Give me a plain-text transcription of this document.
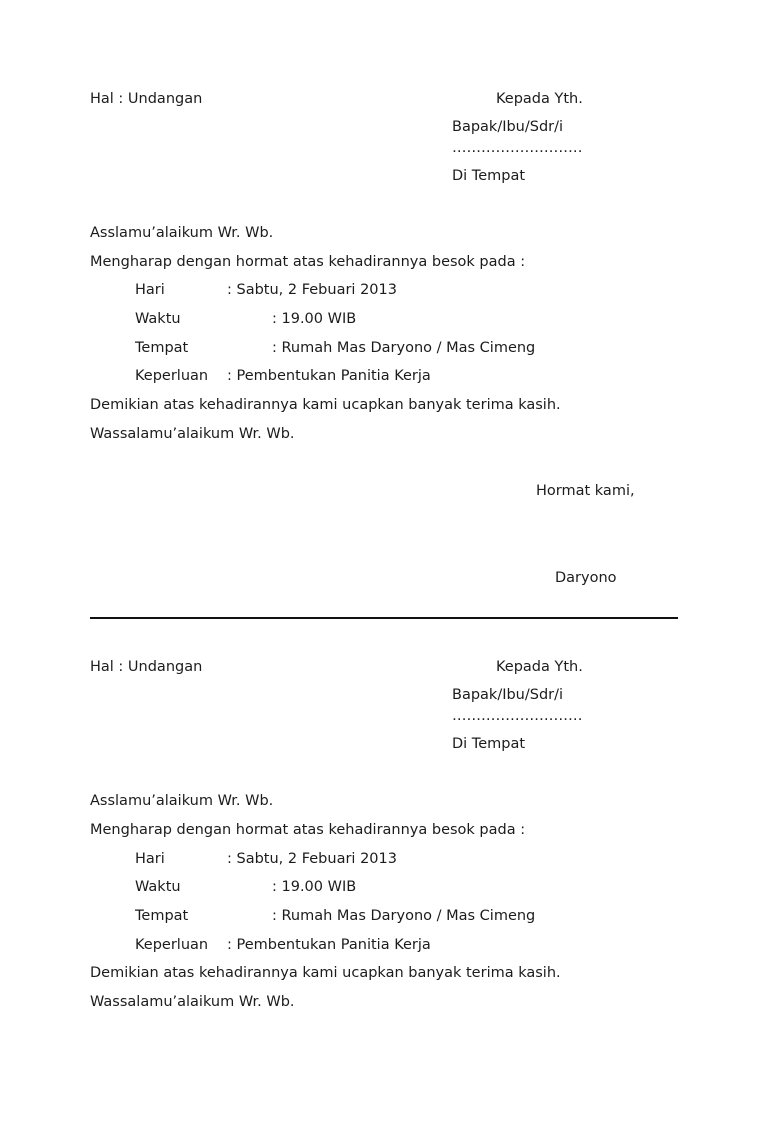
Hal : Undangan	Kepada Yth.
Bapak/Ibu/Sdr/i
………………………
Di Tempat
Asslamu’alaikum Wr. Wb.
Mengharap dengan hormat atas kehadirannya besok pada :
Hari	: Sabtu, 2 Febuari 2013
Waktu	: 19.00 WIB
Tempat	: Rumah Mas Daryono / Mas Cimeng
Keperluan : Pembentukan Panitia Kerja
Demikian atas kehadirannya kami ucapkan banyak terima kasih.
Wassalamu’alaikum Wr. Wb.
Hormat kami,
Daryono
Hal : Undangan	Kepada Yth.
Bapak/Ibu/Sdr/i
………………………
Di Tempat
Asslamu’alaikum Wr. Wb.
Mengharap dengan hormat atas kehadirannya besok pada :
Hari	: Sabtu, 2 Febuari 2013
Waktu	: 19.00 WIB
Tempat	: Rumah Mas Daryono / Mas Cimeng
Keperluan : Pembentukan Panitia Kerja
Demikian atas kehadirannya kami ucapkan banyak terima kasih.
Wassalamu’alaikum Wr. Wb.
